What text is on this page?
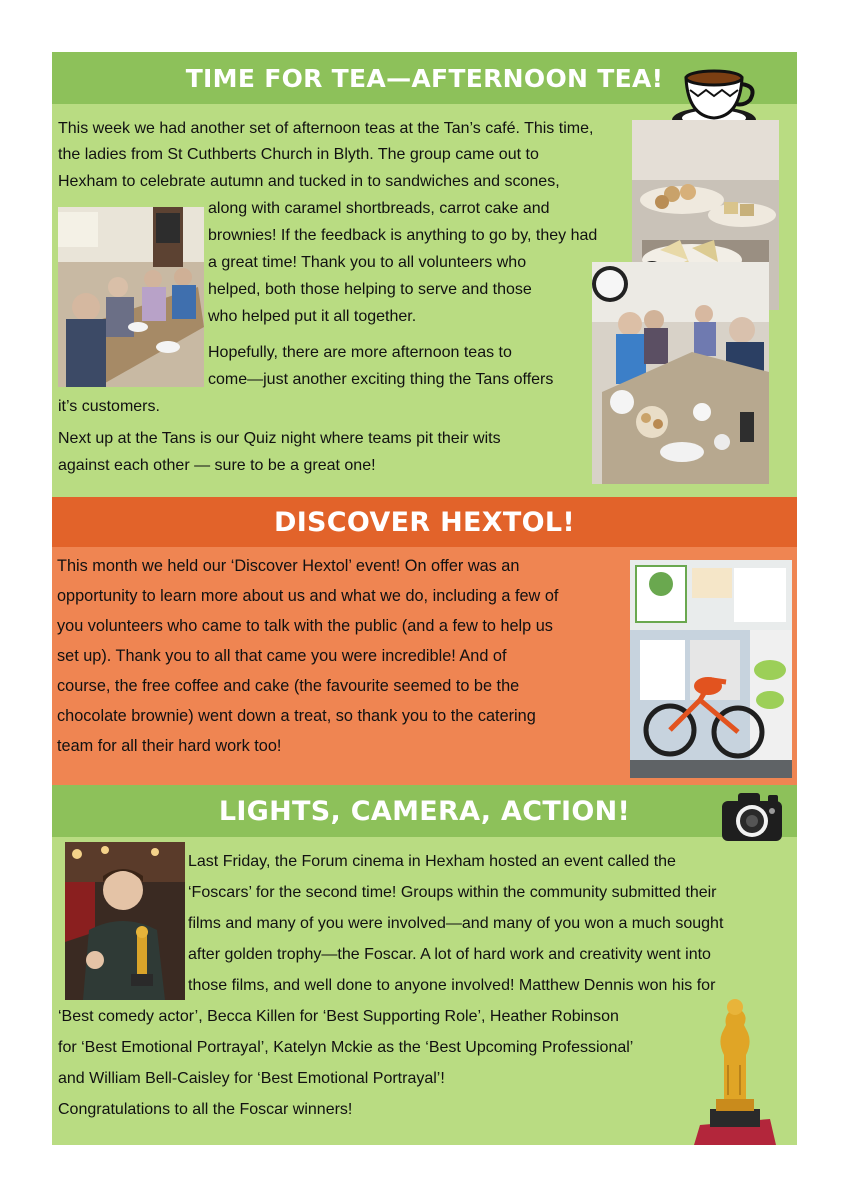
TIME FOR TEA—AFTERNOON TEA!
This week we had another set of afternoon teas at the Tan’s café. This time,
the ladies from St Cuthberts Church in Blyth. The group came out to
Hexham to celebrate autumn and tucked in to sandwiches and scones,
along with caramel shortbreads, carrot cake and
brownies! If the feedback is anything to go by, they had
a great time! Thank you to all volunteers who
helped, both those helping to serve and those
who helped put it all together.
Hopefully, there are more afternoon teas to
come—just another exciting thing the Tans offers
it’s customers.
Next up at the Tans is our Quiz night where teams pit their wits
against each other — sure to be a great one!
DISCOVER HEXTOL!
This month we held our ‘Discover Hextol’ event! On offer was an
opportunity to learn more about us and what we do, including a few of
you volunteers who came to talk with the public (and a few to help us
set up). Thank you to all that came you were incredible! And of
course, the free coffee and cake (the favourite seemed to be the
chocolate brownie) went down a treat, so thank you to the catering
team for all their hard work too!
LIGHTS, CAMERA, ACTION!
Last Friday, the Forum cinema in Hexham hosted an event called the
‘Foscars’ for the second time! Groups within the community submitted their
films and many of you were involved—and many of you won a much sought
after golden trophy—the Foscar. A lot of hard work and creativity went into
those films, and well done to anyone involved! Matthew Dennis won his for
‘Best comedy actor’, Becca Killen for ‘Best Supporting Role’, Heather Robinson
for ‘Best Emotional Portrayal’, Katelyn Mckie as the ‘Best Upcoming Professional’
and William Bell-Caisley for ‘Best Emotional Portrayal’!
Congratulations to all the Foscar winners!
